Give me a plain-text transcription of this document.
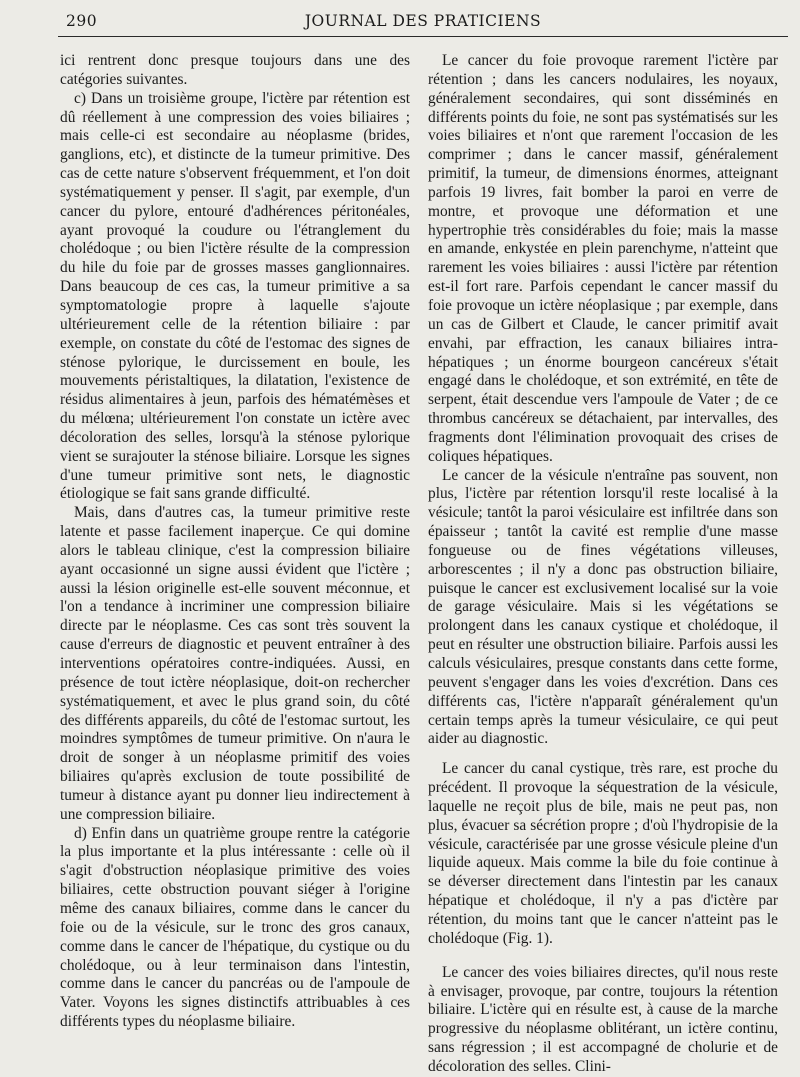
290	JOURNAL DES PRATICIENS

ici rentrent donc presque toujours dans une des catégories suivantes.

c) Dans un troisième groupe, l'ictère par rétention est dû réellement à une compression des voies biliaires ; mais celle-ci est secondaire au néoplasme (brides, ganglions, etc), et distincte de la tumeur primitive. Des cas de cette nature s'observent fréquemment, et l'on doit systématiquement y penser. Il s'agit, par exemple, d'un cancer du pylore, entouré d'adhérences péritonéales, ayant provoqué la coudure ou l'étranglement du cholédoque ; ou bien l'ictère résulte de la compression du hile du foie par de grosses masses ganglionnaires. Dans beaucoup de ces cas, la tumeur primitive a sa symptomatologie propre à laquelle s'ajoute ultérieurement celle de la rétention biliaire : par exemple, on constate du côté de l'estomac des signes de sténose pylorique, le durcissement en boule, les mouvements péristaltiques, la dilatation, l'existence de résidus alimentaires à jeun, parfois des hématémèses et du mélœna; ultérieurement l'on constate un ictère avec décoloration des selles, lorsqu'à la sténose pylorique vient se surajouter la sténose biliaire. Lorsque les signes d'une tumeur primitive sont nets, le diagnostic étiologique se fait sans grande difficulté.

Mais, dans d'autres cas, la tumeur primitive reste latente et passe facilement inaperçue. Ce qui domine alors le tableau clinique, c'est la compression biliaire ayant occasionné un signe aussi évident que l'ictère ; aussi la lésion originelle est-elle souvent méconnue, et l'on a tendance à incriminer une compression biliaire directe par le néoplasme. Ces cas sont très souvent la cause d'erreurs de diagnostic et peuvent entraîner à des interventions opératoires contre-indiquées. Aussi, en présence de tout ictère néoplasique, doit-on rechercher systématiquement, et avec le plus grand soin, du côté des différents appareils, du côté de l'estomac surtout, les moindres symptômes de tumeur primitive. On n'aura le droit de songer à un néoplasme primitif des voies biliaires qu'après exclusion de toute possibilité de tumeur à distance ayant pu donner lieu indirectement à une compression biliaire.

d) Enfin dans un quatrième groupe rentre la catégorie la plus importante et la plus intéressante : celle où il s'agit d'obstruction néoplasique primitive des voies biliaires, cette obstruction pouvant siéger à l'origine même des canaux biliaires, comme dans le cancer du foie ou de la vésicule, sur le tronc des gros canaux, comme dans le cancer de l'hépatique, du cystique ou du cholédoque, ou à leur terminaison dans l'intestin, comme dans le cancer du pancréas ou de l'ampoule de Vater. Voyons les signes distinctifs attribuables à ces différents types du néoplasme biliaire.

Le cancer du foie provoque rarement l'ictère par rétention ; dans les cancers nodulaires, les noyaux, généralement secondaires, qui sont disséminés en différents points du foie, ne sont pas systématisés sur les voies biliaires et n'ont que rarement l'occasion de les comprimer ; dans le cancer massif, généralement primitif, la tumeur, de dimensions énormes, atteignant parfois 19 livres, fait bomber la paroi en verre de montre, et provoque une déformation et une hypertrophie très considérables du foie; mais la masse en amande, enkystée en plein parenchyme, n'atteint que rarement les voies biliaires : aussi l'ictère par rétention est-il fort rare. Parfois cependant le cancer massif du foie provoque un ictère néoplasique ; par exemple, dans un cas de Gilbert et Claude, le cancer primitif avait envahi, par effraction, les canaux biliaires intra-hépatiques ; un énorme bourgeon cancéreux s'était engagé dans le cholédoque, et son extrémité, en tête de serpent, était descendue vers l'ampoule de Vater ; de ce thrombus cancéreux se détachaient, par intervalles, des fragments dont l'élimination provoquait des crises de coliques hépatiques.

Le cancer de la vésicule n'entraîne pas souvent, non plus, l'ictère par rétention lorsqu'il reste localisé à la vésicule; tantôt la paroi vésiculaire est infiltrée dans son épaisseur ; tantôt la cavité est remplie d'une masse fongueuse ou de fines végétations villeuses, arborescentes ; il n'y a donc pas obstruction biliaire, puisque le cancer est exclusivement localisé sur la voie de garage vésiculaire. Mais si les végétations se prolongent dans les canaux cystique et cholédoque, il peut en résulter une obstruction biliaire. Parfois aussi les calculs vésiculaires, presque constants dans cette forme, peuvent s'engager dans les voies d'excrétion. Dans ces différents cas, l'ictère n'apparaît généralement qu'un certain temps après la tumeur vésiculaire, ce qui peut aider au diagnostic.

Le cancer du canal cystique, très rare, est proche du précédent. Il provoque la séquestration de la vésicule, laquelle ne reçoit plus de bile, mais ne peut pas, non plus, évacuer sa sécrétion propre ; d'où l'hydropisie de la vésicule, caractérisée par une grosse vésicule pleine d'un liquide aqueux. Mais comme la bile du foie continue à se déverser directement dans l'intestin par les canaux hépatique et cholédoque, il n'y a pas d'ictère par rétention, du moins tant que le cancer n'atteint pas le cholédoque (Fig. 1).

Le cancer des voies biliaires directes, qu'il nous reste à envisager, provoque, par contre, toujours la rétention biliaire. L'ictère qui en résulte est, à cause de la marche progressive du néoplasme oblitérant, un ictère continu, sans régression ; il est accompagné de cholurie et de décoloration des selles. Clini-
